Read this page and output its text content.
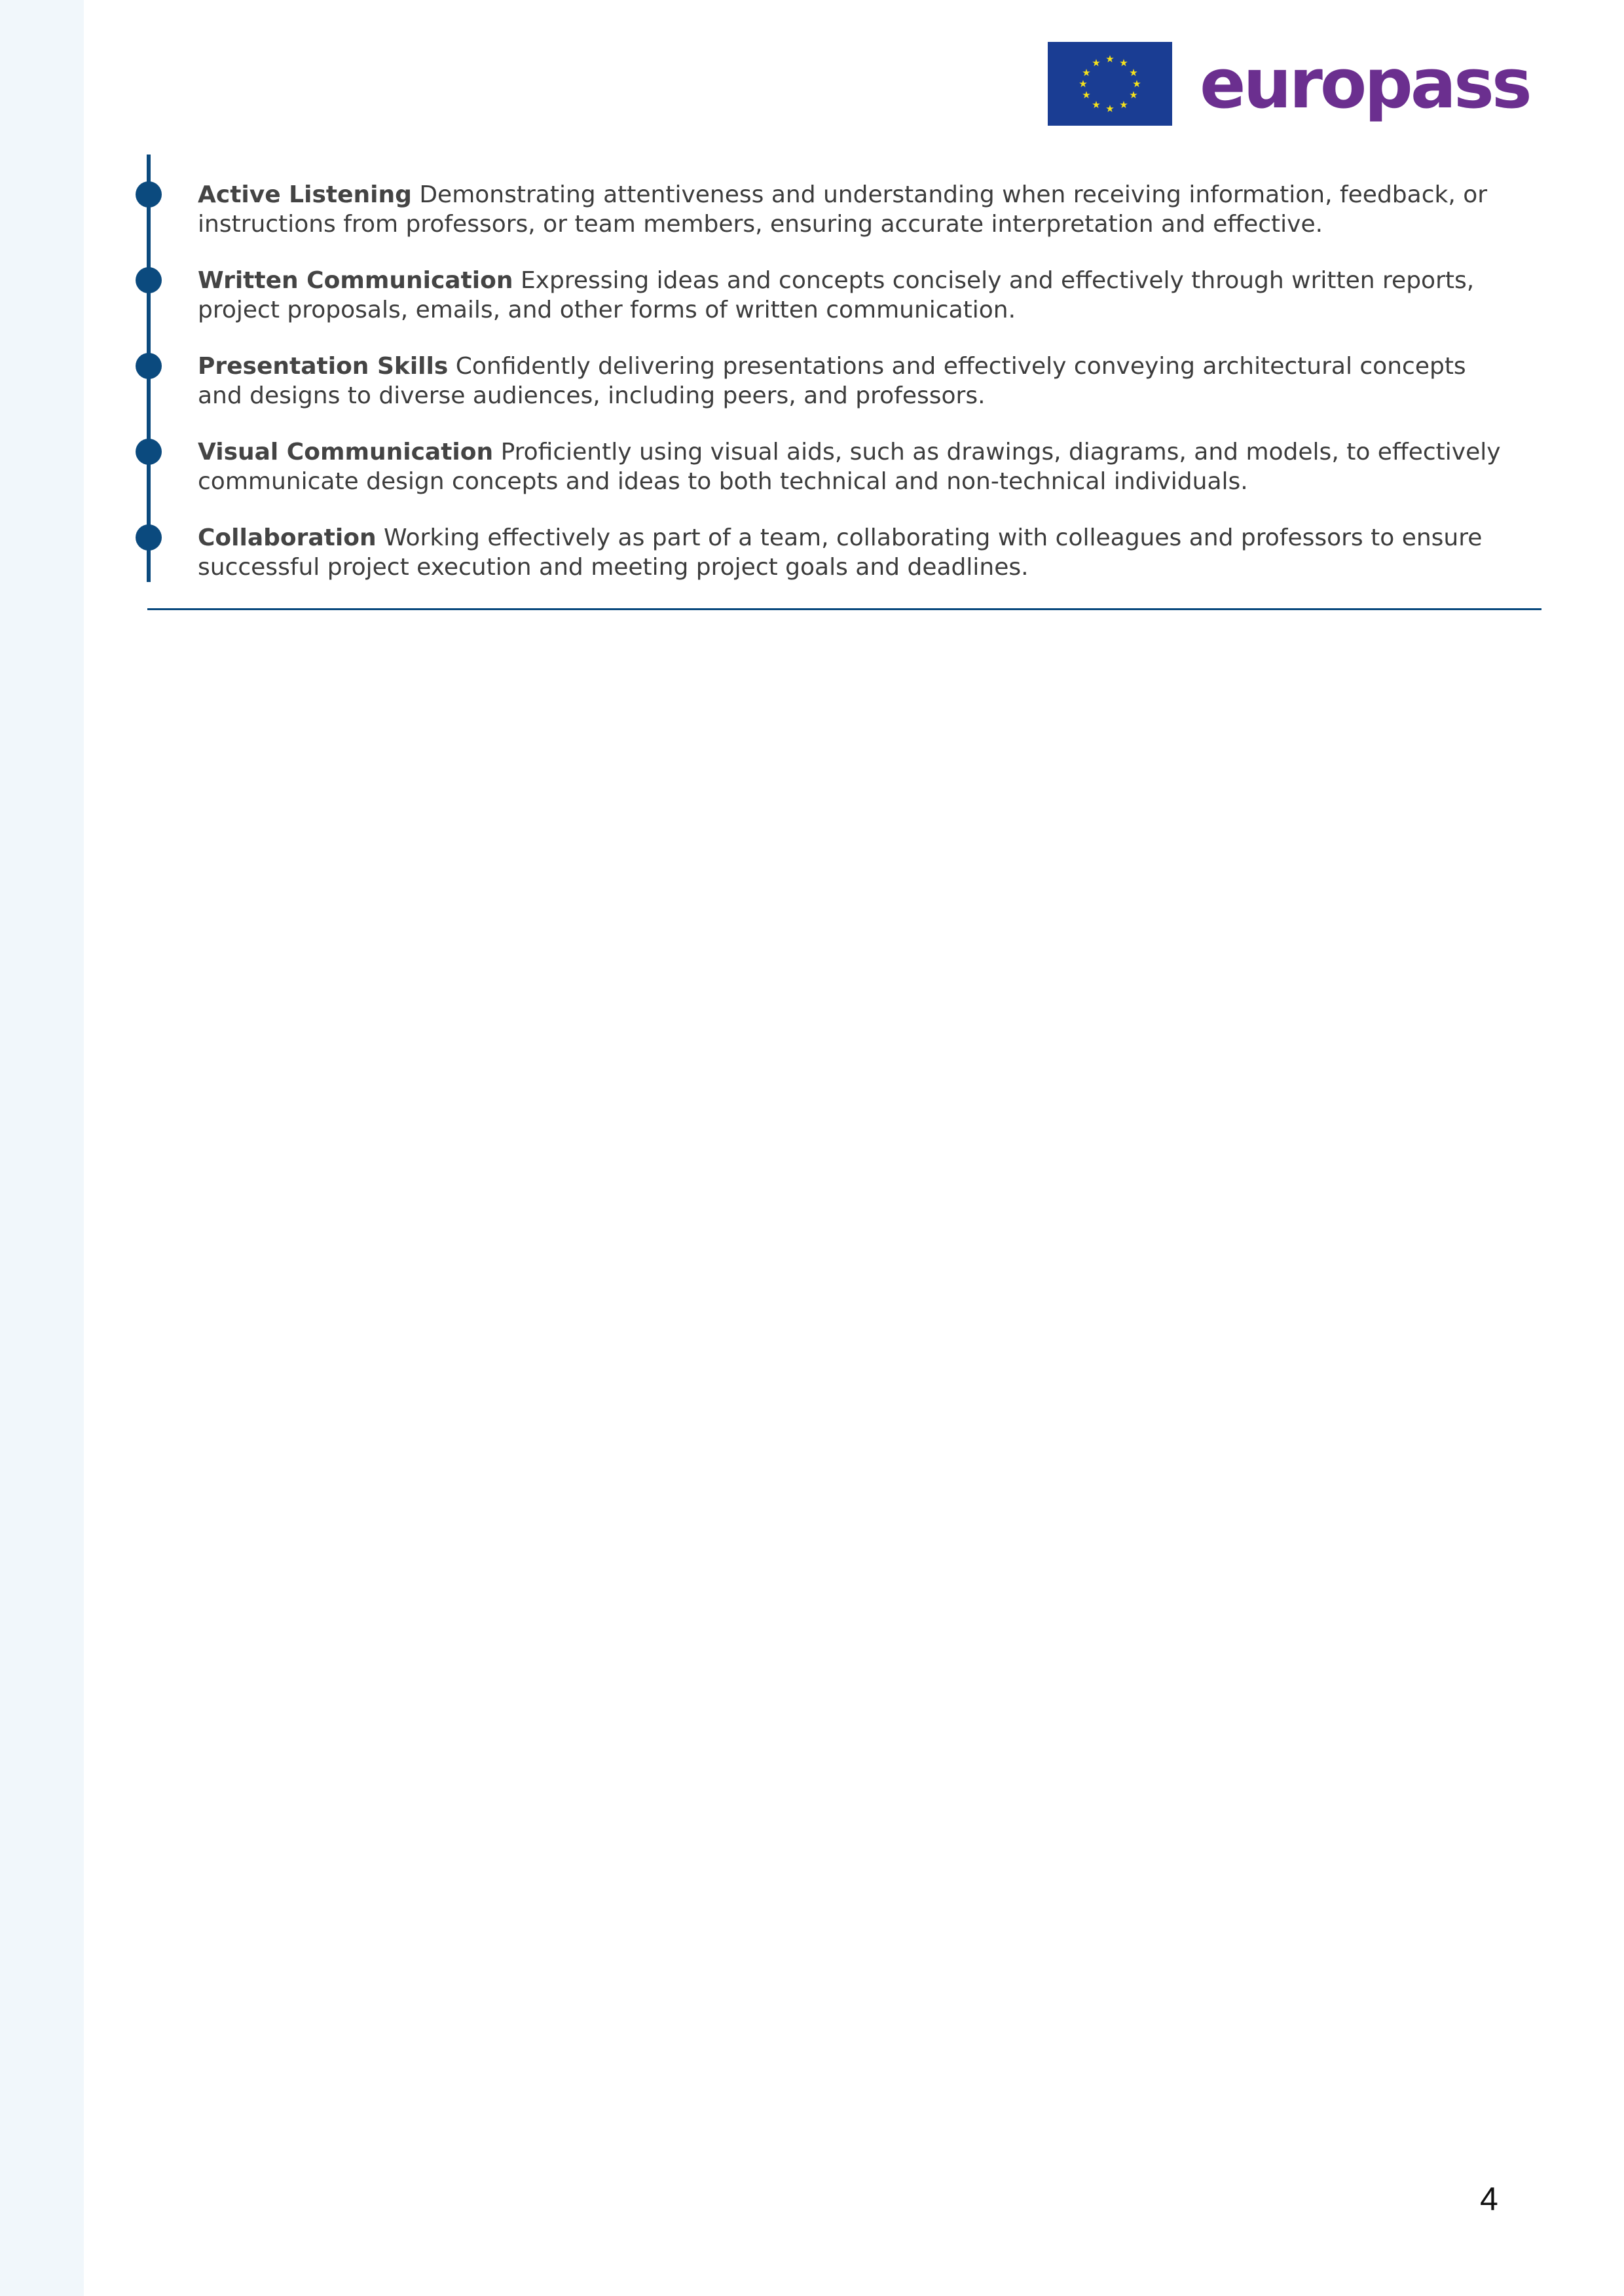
★ ★
★
★
★
★
★
★
★
★
★
★ europass
Active Listening Demonstrating attentiveness and understanding when receiving information, feedback, or instructions from professors, or team members, ensuring accurate interpretation and effective.
Written Communication Expressing ideas and concepts concisely and effectively through written reports, project proposals, emails, and other forms of written communication.
Presentation Skills Confidently delivering presentations and effectively conveying architectural concepts and designs to diverse audiences, including peers, and professors.
Visual Communication Proficiently using visual aids, such as drawings, diagrams, and models, to effectively communicate design concepts and ideas to both technical and non-technical individuals.
Collaboration Working effectively as part of a team, collaborating with colleagues and professors to ensure successful project execution and meeting project goals and deadlines.
4
